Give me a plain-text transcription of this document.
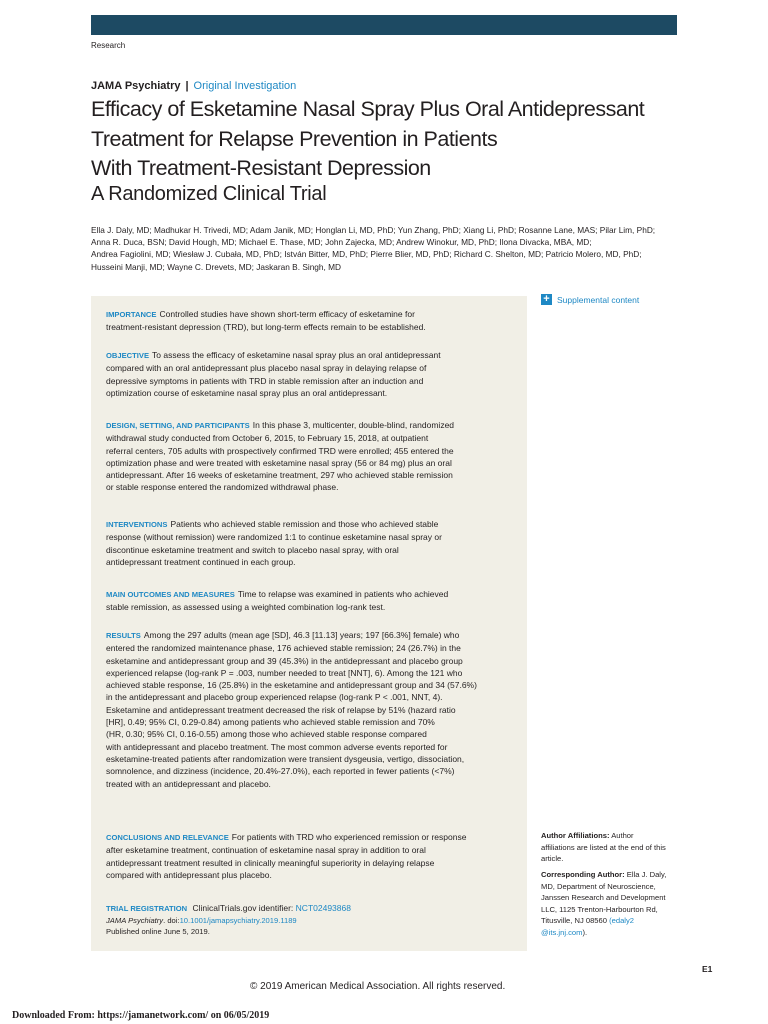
Research
JAMA Psychiatry | Original Investigation
Efficacy of Esketamine Nasal Spray Plus Oral Antidepressant
Treatment for Relapse Prevention in Patients
With Treatment-Resistant Depression
A Randomized Clinical Trial
Ella J. Daly, MD; Madhukar H. Trivedi, MD; Adam Janik, MD; Honglan Li, MD, PhD; Yun Zhang, PhD; Xiang Li, PhD; Rosanne Lane, MAS; Pilar Lim, PhD;
Anna R. Duca, BSN; David Hough, MD; Michael E. Thase, MD; John Zajecka, MD; Andrew Winokur, MD, PhD; Ilona Divacka, MBA, MD;
Andrea Fagiolini, MD; Wiesław J. Cubała, MD, PhD; István Bitter, MD, PhD; Pierre Blier, MD, PhD; Richard C. Shelton, MD; Patricio Molero, MD, PhD;
Husseini Manji, MD; Wayne C. Drevets, MD; Jaskaran B. Singh, MD
IMPORTANCE Controlled studies have shown short-term efficacy of esketamine for
treatment-resistant depression (TRD), but long-term effects remain to be established.
OBJECTIVE To assess the efficacy of esketamine nasal spray plus an oral antidepressant
compared with an oral antidepressant plus placebo nasal spray in delaying relapse of
depressive symptoms in patients with TRD in stable remission after an induction and
optimization course of esketamine nasal spray plus an oral antidepressant.
DESIGN, SETTING, AND PARTICIPANTS In this phase 3, multicenter, double-blind, randomized
withdrawal study conducted from October 6, 2015, to February 15, 2018, at outpatient
referral centers, 705 adults with prospectively confirmed TRD were enrolled; 455 entered the
optimization phase and were treated with esketamine nasal spray (56 or 84 mg) plus an oral
antidepressant. After 16 weeks of esketamine treatment, 297 who achieved stable remission
or stable response entered the randomized withdrawal phase.
INTERVENTIONS Patients who achieved stable remission and those who achieved stable
response (without remission) were randomized 1:1 to continue esketamine nasal spray or
discontinue esketamine treatment and switch to placebo nasal spray, with oral
antidepressant treatment continued in each group.
MAIN OUTCOMES AND MEASURES Time to relapse was examined in patients who achieved
stable remission, as assessed using a weighted combination log-rank test.
RESULTS Among the 297 adults (mean age [SD], 46.3 [11.13] years; 197 [66.3%] female) who
entered the randomized maintenance phase, 176 achieved stable remission; 24 (26.7%) in the
esketamine and antidepressant group and 39 (45.3%) in the antidepressant and placebo group
experienced relapse (log-rank P = .003, number needed to treat [NNT], 6). Among the 121 who
achieved stable response, 16 (25.8%) in the esketamine and antidepressant group and 34 (57.6%)
in the antidepressant and placebo group experienced relapse (log-rank P < .001, NNT, 4).
Esketamine and antidepressant treatment decreased the risk of relapse by 51% (hazard ratio
[HR], 0.49; 95% CI, 0.29-0.84) among patients who achieved stable remission and 70%
(HR, 0.30; 95% CI, 0.16-0.55) among those who achieved stable response compared
with antidepressant and placebo treatment. The most common adverse events reported for
esketamine-treated patients after randomization were transient dysgeusia, vertigo, dissociation,
somnolence, and dizziness (incidence, 20.4%-27.0%), each reported in fewer patients (<7%)
treated with an antidepressant and placebo.
CONCLUSIONS AND RELEVANCE For patients with TRD who experienced remission or response
after esketamine treatment, continuation of esketamine nasal spray in addition to oral
antidepressant treatment resulted in clinically meaningful superiority in delaying relapse
compared with antidepressant plus placebo.
TRIAL REGISTRATION ClinicalTrials.gov identifier: NCT02493868
JAMA Psychiatry. doi:10.1001/jamapsychiatry.2019.1189
Published online June 5, 2019.
+ Supplemental content
Author Affiliations: Author
affiliations are listed at the end of this
article.
Corresponding Author: Ella J. Daly,
MD, Department of Neuroscience,
Janssen Research and Development
LLC, 1125 Trenton-Harbourton Rd,
Titusville, NJ 08560 (edaly2
@its.jnj.com).
E1
© 2019 American Medical Association. All rights reserved.
Downloaded From: https://jamanetwork.com/ on 06/05/2019
